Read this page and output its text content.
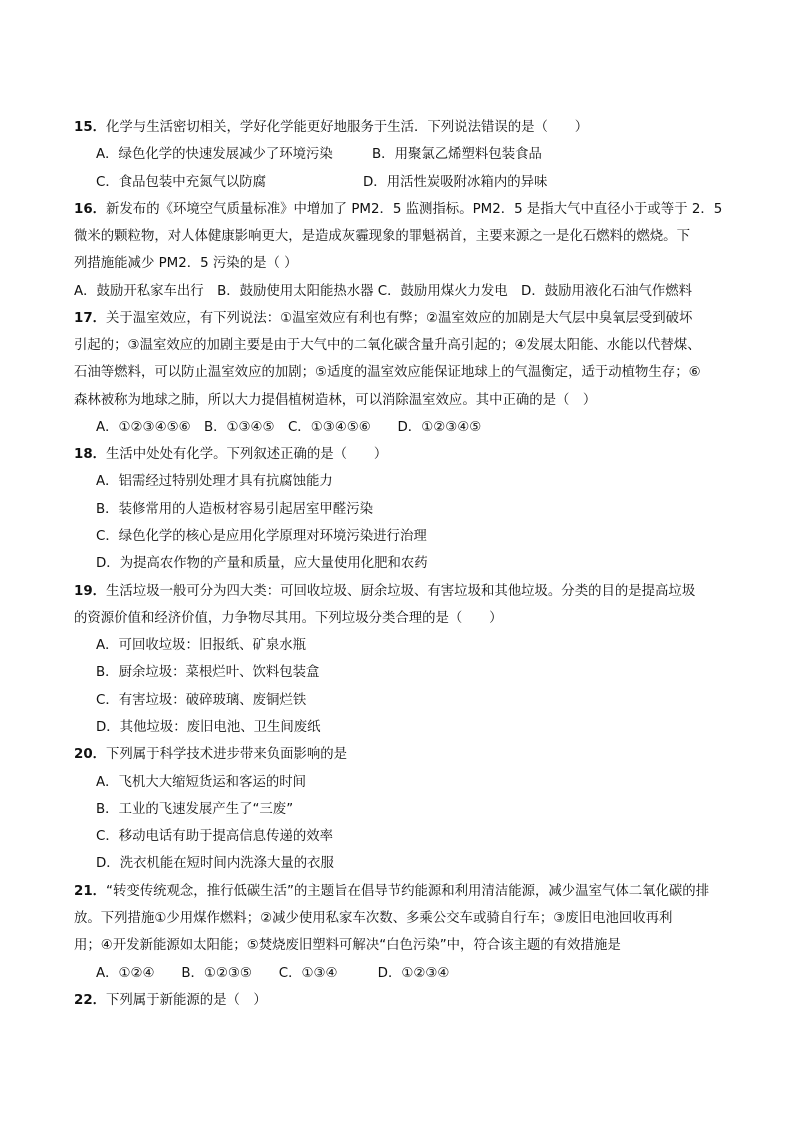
15．化学与生活密切相关，学好化学能更好地服务于生活．下列说法错误的是（　　）
A．绿色化学的快速发展减少了环境污染	B．用聚氯乙烯塑料包装食品
C．食品包装中充氮气以防腐	D．用活性炭吸附冰箱内的异味
16．新发布的《环境空气质量标准》中增加了 PM2．5 监测指标。PM2．5 是指大气中直径小于或等于 2．5
微米的颗粒物，对人体健康影响更大，是造成灰霾现象的罪魁祸首，主要来源之一是化石燃料的燃烧。下
列措施能减少 PM2．5 污染的是（ ）
A．鼓励开私家车出行　B．鼓励使用太阳能热水器 C．鼓励用煤火力发电　D．鼓励用液化石油气作燃料
17．关于温室效应，有下列说法：①温室效应有利也有弊；②温室效应的加剧是大气层中臭氧层受到破坏
引起的；③温室效应的加剧主要是由于大气中的二氧化碳含量升高引起的；④发展太阳能、水能以代替煤、
石油等燃料，可以防止温室效应的加剧；⑤适度的温室效应能保证地球上的气温衡定，适于动植物生存；⑥
森林被称为地球之肺，所以大力提倡植树造林，可以消除温室效应。其中正确的是（　）
A．①②③④⑤⑥　B．①③④⑤　C．①③④⑤⑥　　D．①②③④⑤
18．生活中处处有化学。下列叙述正确的是（　　）
A．铝需经过特别处理才具有抗腐蚀能力
B．装修常用的人造板材容易引起居室甲醛污染
C．绿色化学的核心是应用化学原理对环境污染进行治理
D．为提高农作物的产量和质量，应大量使用化肥和农药
19．生活垃圾一般可分为四大类：可回收垃圾、厨余垃圾、有害垃圾和其他垃圾。分类的目的是提高垃圾
的资源价值和经济价值，力争物尽其用。下列垃圾分类合理的是（　　）
A．可回收垃圾：旧报纸、矿泉水瓶
B．厨余垃圾：菜根烂叶、饮料包装盒
C．有害垃圾：破碎玻璃、废铜烂铁
D．其他垃圾：废旧电池、卫生间废纸
20．下列属于科学技术进步带来负面影响的是
A．飞机大大缩短货运和客运的时间
B．工业的飞速发展产生了“三废”
C．移动电话有助于提高信息传递的效率
D．洗衣机能在短时间内洗涤大量的衣服
21．“转变传统观念，推行低碳生活”的主题旨在倡导节约能源和利用清洁能源，减少温室气体二氧化碳的排
放。下列措施①少用煤作燃料；②减少使用私家车次数、多乘公交车或骑自行车；③废旧电池回收再利
用；④开发新能源如太阳能；⑤焚烧废旧塑料可解决“白色污染”中，符合该主题的有效措施是
A．①②④　　B．①②③⑤　　C．①③④　　　D．①②③④
22．下列属于新能源的是（　）
